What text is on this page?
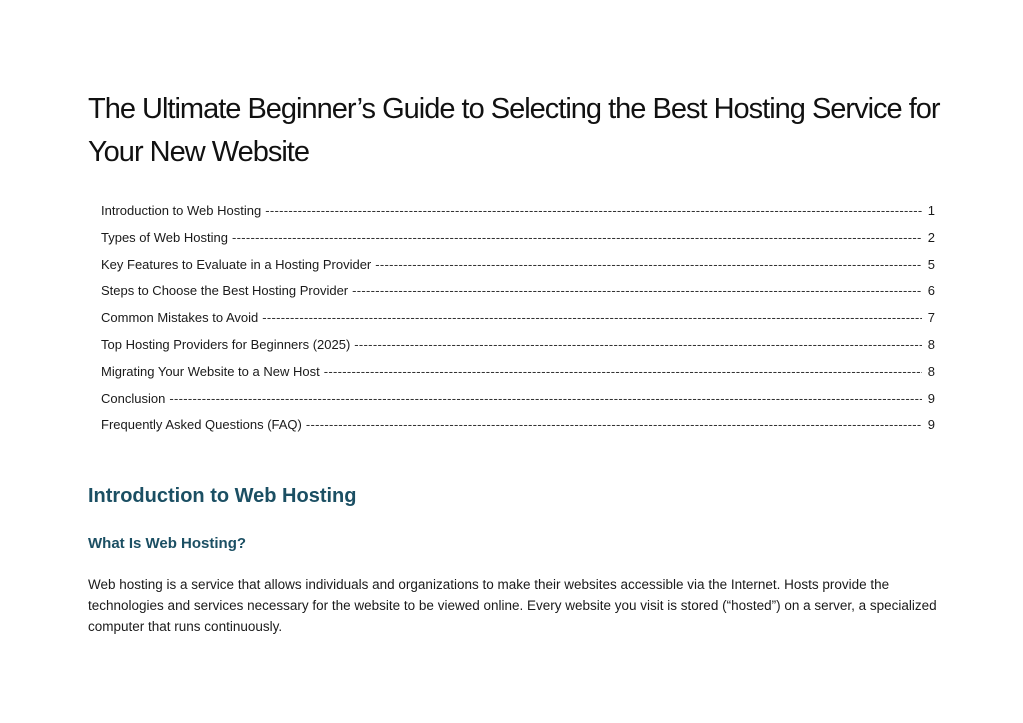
The Ultimate Beginner’s Guide to Selecting the Best Hosting Service for Your New Website
Introduction to Web Hosting -----	1
Types of Web Hosting -----	2
Key Features to Evaluate in a Hosting Provider -----	5
Steps to Choose the Best Hosting Provider -----	6
Common Mistakes to Avoid -----	7
Top Hosting Providers for Beginners (2025) -----	8
Migrating Your Website to a New Host -----	8
Conclusion -----	9
Frequently Asked Questions (FAQ) -----	9
Introduction to Web Hosting
What Is Web Hosting?

Web hosting is a service that allows individuals and organizations to make their websites accessible via the Internet. Hosts provide the technologies and services necessary for the website to be viewed online. Every website you visit is stored (“hosted”) on a server, a specialized computer that runs continuously.
